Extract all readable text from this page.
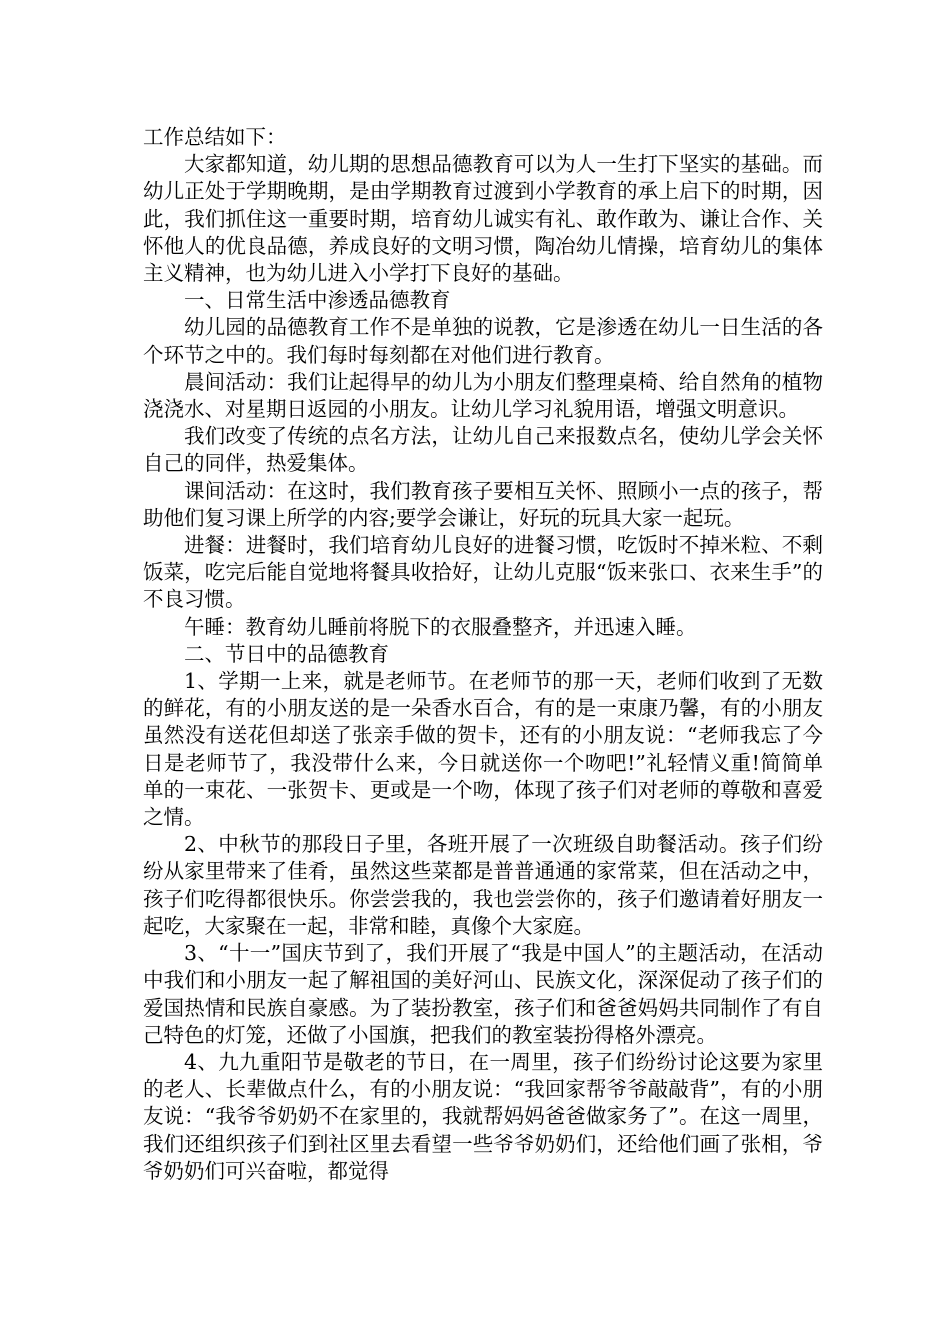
工作总结如下：

大家都知道，幼儿期的思想品德教育可以为人一生打下坚实的基础。而幼儿正处于学期晚期，是由学期教育过渡到小学教育的承上启下的时期，因此，我们抓住这一重要时期，培育幼儿诚实有礼、敢作敢为、谦让合作、关怀他人的优良品德，养成良好的文明习惯，陶冶幼儿情操，培育幼儿的集体主义精神，也为幼儿进入小学打下良好的基础。

一、日常生活中渗透品德教育

幼儿园的品德教育工作不是单独的说教，它是渗透在幼儿一日生活的各个环节之中的。我们每时每刻都在对他们进行教育。

晨间活动：我们让起得早的幼儿为小朋友们整理桌椅、给自然角的植物浇浇水、对星期日返园的小朋友。让幼儿学习礼貌用语，增强文明意识。

我们改变了传统的点名方法，让幼儿自己来报数点名，使幼儿学会关怀自己的同伴，热爱集体。

课间活动：在这时，我们教育孩子要相互关怀、照顾小一点的孩子，帮助他们复习课上所学的内容;要学会谦让，好玩的玩具大家一起玩。

进餐：进餐时，我们培育幼儿良好的进餐习惯，吃饭时不掉米粒、不剩饭菜，吃完后能自觉地将餐具收拾好，让幼儿克服“饭来张口、衣来生手”的不良习惯。

午睡：教育幼儿睡前将脱下的衣服叠整齐，并迅速入睡。

二、节日中的品德教育

1、学期一上来，就是老师节。在老师节的那一天，老师们收到了无数的鲜花，有的小朋友送的是一朵香水百合，有的是一束康乃馨，有的小朋友虽然没有送花但却送了张亲手做的贺卡，还有的小朋友说：“老师我忘了今日是老师节了，我没带什么来，今日就送你一个吻吧!”礼轻情义重!简简单单的一束花、一张贺卡、更或是一个吻，体现了孩子们对老师的尊敬和喜爱之情。

2、中秋节的那段日子里，各班开展了一次班级自助餐活动。孩子们纷纷从家里带来了佳肴，虽然这些菜都是普普通通的家常菜，但在活动之中，孩子们吃得都很快乐。你尝尝我的，我也尝尝你的，孩子们邀请着好朋友一起吃，大家聚在一起，非常和睦，真像个大家庭。

3、“十一”国庆节到了，我们开展了“我是中国人”的主题活动，在活动中我们和小朋友一起了解祖国的美好河山、民族文化，深深促动了孩子们的爱国热情和民族自豪感。为了装扮教室，孩子们和爸爸妈妈共同制作了有自己特色的灯笼，还做了小国旗，把我们的教室装扮得格外漂亮。

4、九九重阳节是敬老的节日，在一周里，孩子们纷纷讨论这要为家里的老人、长辈做点什么，有的小朋友说：“我回家帮爷爷敲敲背”，有的小朋友说：“我爷爷奶奶不在家里的，我就帮妈妈爸爸做家务了”。在这一周里，我们还组织孩子们到社区里去看望一些爷爷奶奶们，还给他们画了张相，爷爷奶奶们可兴奋啦，都觉得
